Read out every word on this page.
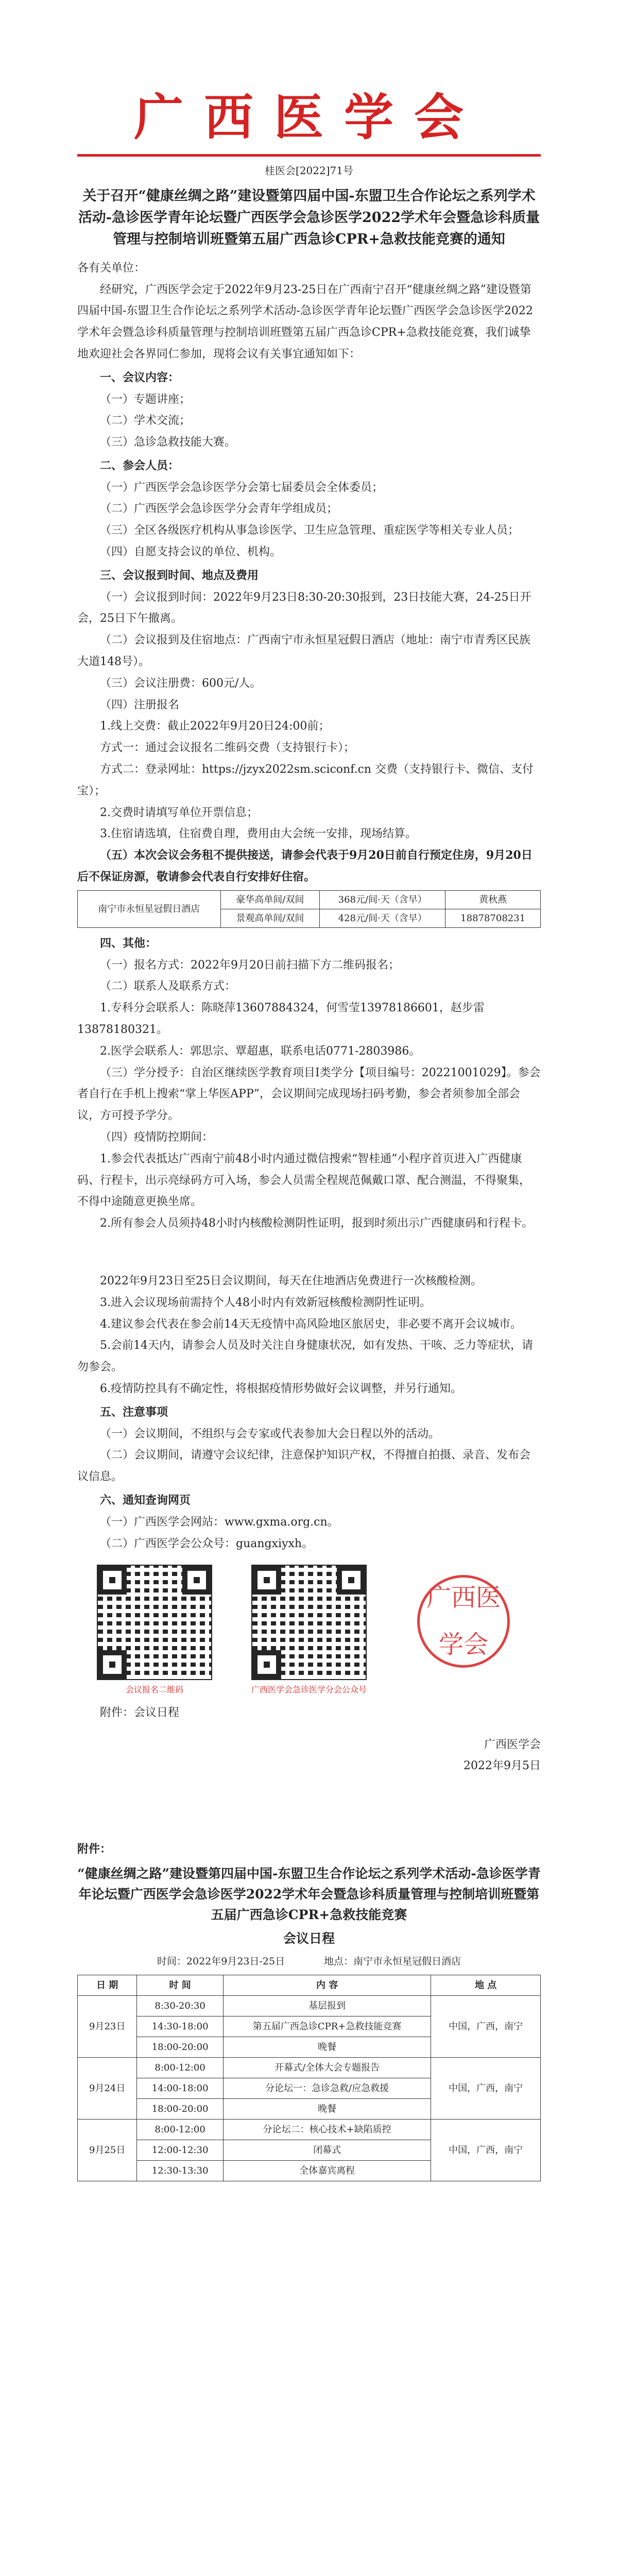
广西医学会
桂医会[2022]71号
关于召开“健康丝绸之路”建设暨第四届中国-东盟卫生合作论坛之系列学术活动-急诊医学青年论坛暨广西医学会急诊医学2022学术年会暨急诊科质量管理与控制培训班暨第五届广西急诊CPR+急救技能竞赛的通知

各有关单位：

经研究，广西医学会定于2022年9月23-25日在广西南宁召开“健康丝绸之路”建设暨第四届中国-东盟卫生合作论坛之系列学术活动-急诊医学青年论坛暨广西医学会急诊医学2022学术年会暨急诊科质量管理与控制培训班暨第五届广西急诊CPR+急救技能竞赛，我们诚挚地欢迎社会各界同仁参加，现将会议有关事宜通知如下：

一、会议内容：
（一）专题讲座；
（二）学术交流；
（三）急诊急救技能大赛。
二、参会人员：
（一）广西医学会急诊医学分会第七届委员会全体委员；
（二）广西医学会急诊医学分会青年学组成员；
（三）全区各级医疗机构从事急诊医学、卫生应急管理、重症医学等相关专业人员；
（四）自愿支持会议的单位、机构。
三、会议报到时间、地点及费用
（一）会议报到时间：2022年9月23日8:30-20:30报到，23日技能大赛，24-25日开会，25日下午撤离。
（二）会议报到及住宿地点：广西南宁市永恒星冠假日酒店（地址：南宁市青秀区民族大道148号）。
（三）会议注册费：600元/人。
（四）注册报名
1.线上交费：截止2022年9月20日24:00前；
方式一：通过会议报名二维码交费（支持银行卡）；
方式二：登录网址：https://jzyx2022sm.sciconf.cn 交费（支持银行卡、微信、支付宝）；
2.交费时请填写单位开票信息；
3.住宿请选填，住宿费自理，费用由大会统一安排，现场结算。
（五）本次会议会务租不提供接送，请参会代表于9月20日前自行预定住房，9月20日后不保证房源，敬请参会代表自行安排好住宿。
南宁市永恒星冠假日酒店	豪华高单间/双间	368元/间·天（含早）	黄秋燕
	景观高单间/双间	428元/间·天（含早）	18878708231
四、其他：
（一）报名方式：2022年9月20日前扫描下方二维码报名；
（二）联系人及联系方式：
1.专科分会联系人：陈晓萍13607884324，何雪莹13978186601，赵步雷13878180321。
2.医学会联系人：郭思宗、覃超惠，联系电话0771-2803986。
（三）学分授予：自治区继续医学教育项目Ⅰ类学分【项目编号：20221001029】。参会者自行在手机上搜索“掌上华医APP”，会议期间完成现场扫码考勤，参会者须参加全部会议，方可授予学分。
（四）疫情防控期间：
1.参会代表抵达广西南宁前48小时内通过微信搜索“智桂通”小程序首页进入广西健康码、行程卡，出示亮绿码方可入场，参会人员需全程规范佩戴口罩、配合测温，不得聚集，不得中途随意更换坐席。
2.所有参会人员须持48小时内核酸检测阴性证明，报到时须出示广西健康码和行程卡。
2022年9月23日至25日会议期间，每天在住地酒店免费进行一次核酸检测。
3.进入会议现场前需持个人48小时内有效新冠核酸检测阴性证明。
4.建议参会代表在参会前14天无疫情中高风险地区旅居史，非必要不离开会议城市。
5.会前14天内，请参会人员及时关注自身健康状况，如有发热、干咳、乏力等症状，请勿参会。
6.疫情防控具有不确定性，将根据疫情形势做好会议调整，并另行通知。
五、注意事项
（一）会议期间，不组织与会专家或代表参加大会日程以外的活动。
（二）会议期间，请遵守会议纪律，注意保护知识产权，不得擅自拍摄、录音、发布会议信息。
六、通知查询网页
（一）广西医学会网站：www.gxma.org.cn。
（二）广西医学会公众号：guangxiyxh。
会议报名二维码	广西医学会急诊医学分会公众号
广西医学会

附件：会议日程

广西医学会
2022年9月5日
附件：
“健康丝绸之路”建设暨第四届中国-东盟卫生合作论坛之系列学术活动-急诊医学青年论坛暨广西医学会急诊医学2022学术年会暨急诊科质量管理与控制培训班暨第五届广西急诊CPR+急救技能竞赛
会议日程
时间：2022年9月23日-25日　　　　地点：南宁市永恒星冠假日酒店
日 期	时 间	内 容	地 点
9月23日	8:30-20:30	基层报到	中国，广西，南宁
	14:30-18:00	第五届广西急诊CPR+急救技能竞赛	
	18:00-20:00	晚餐	
9月24日	8:00-12:00	开幕式/全体大会专题报告	中国，广西，南宁
	14:00-18:00	分论坛一：急诊急救/应急救援	
	18:00-20:00	晚餐	
9月25日	8:00-12:00	分论坛二：核心技术+缺陷质控	中国，广西，南宁
	12:00-12:30	闭幕式	
	12:30-13:30	全体嘉宾离程	
